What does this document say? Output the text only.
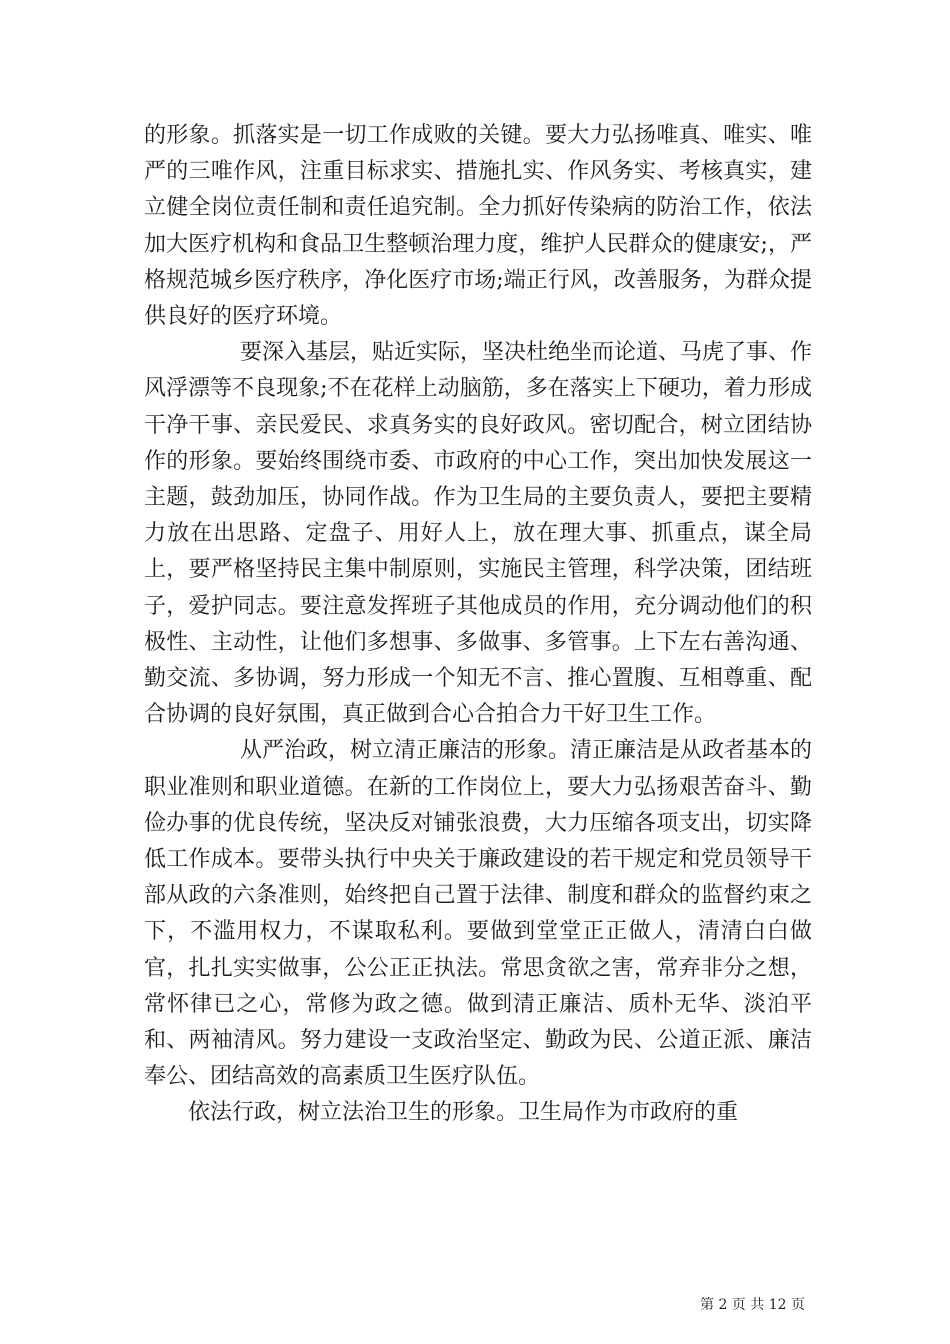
的形象。抓落实是一切工作成败的关键。要大力弘扬唯真、唯实、唯严的三唯作风，注重目标求实、措施扎实、作风务实、考核真实，建立健全岗位责任制和责任追究制。全力抓好传染病的防治工作，依法加大医疗机构和食品卫生整顿治理力度，维护人民群众的健康安;，严格规范城乡医疗秩序，净化医疗市场;端正行风，改善服务，为群众提供良好的医疗环境。

要深入基层，贴近实际，坚决杜绝坐而论道、马虎了事、作风浮漂等不良现象;不在花样上动脑筋，多在落实上下硬功，着力形成干净干事、亲民爱民、求真务实的良好政风。密切配合，树立团结协作的形象。要始终围绕市委、市政府的中心工作，突出加快发展这一主题，鼓劲加压，协同作战。作为卫生局的主要负责人，要把主要精力放在出思路、定盘子、用好人上，放在理大事、抓重点，谋全局上，要严格坚持民主集中制原则，实施民主管理，科学决策，团结班子，爱护同志。要注意发挥班子其他成员的作用，充分调动他们的积极性、主动性，让他们多想事、多做事、多管事。上下左右善沟通、勤交流、多协调，努力形成一个知无不言、推心置腹、互相尊重、配合协调的良好氛围，真正做到合心合拍合力干好卫生工作。

从严治政，树立清正廉洁的形象。清正廉洁是从政者基本的职业准则和职业道德。在新的工作岗位上，要大力弘扬艰苦奋斗、勤俭办事的优良传统，坚决反对铺张浪费，大力压缩各项支出，切实降低工作成本。要带头执行中央关于廉政建设的若干规定和党员领导干部从政的六条准则，始终把自己置于法律、制度和群众的监督约束之下，不滥用权力，不谋取私利。要做到堂堂正正做人，清清白白做官，扎扎实实做事，公公正正执法。常思贪欲之害，常弃非分之想，常怀律已之心，常修为政之德。做到清正廉洁、质朴无华、淡泊平和、两袖清风。努力建设一支政治坚定、勤政为民、公道正派、廉洁奉公、团结高效的高素质卫生医疗队伍。

依法行政，树立法治卫生的形象。卫生局作为市政府的重

第 2 页 共 12 页
